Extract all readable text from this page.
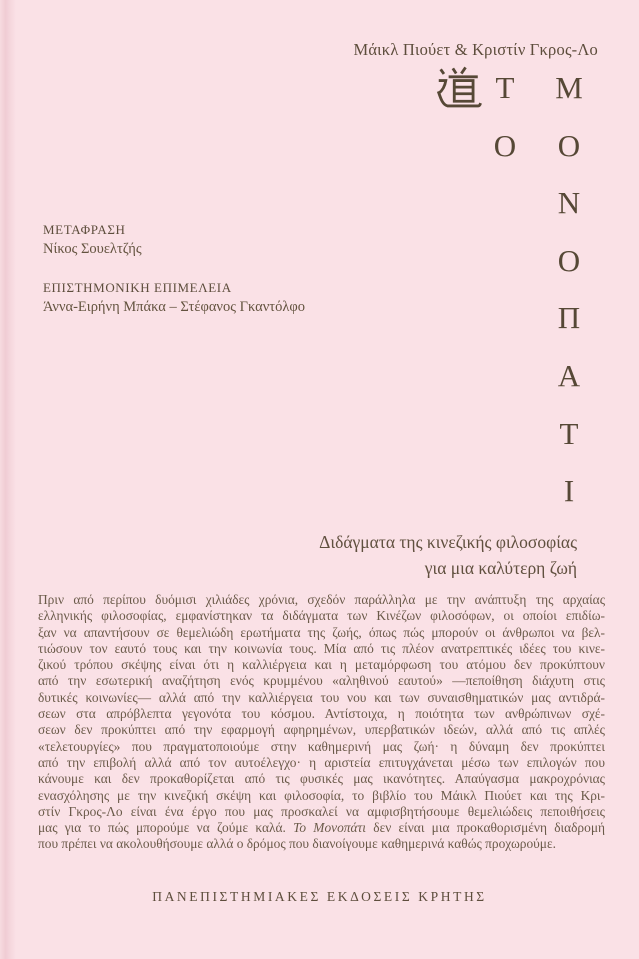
Μάικλ Πιούετ & Κριστίν Γκρος-Λο
Τ
Ο
Μ
Ο
Ν
Ο
Π
Α
Τ
Ι
ΜΕΤΑΦΡΑΣΗ
Νίκος Σουελτζής
ΕΠΙΣΤΗΜΟΝΙΚΗ ΕΠΙΜΕΛΕΙΑ
Άννα-Ειρήνη Μπάκα – Στέφανος Γκαντόλφο
Διδάγματα της κινεζικής φιλοσοφίας
για μια καλύτερη ζωή
Πριν από περίπου δυόμισι χιλιάδες χρόνια, σχεδόν παράλληλα με την ανάπτυξη της αρχαίας
ελληνικής φιλοσοφίας, εμφανίστηκαν τα διδάγματα των Κινέζων φιλοσόφων, οι οποίοι επιδίω-
ξαν να απαντήσουν σε θεμελιώδη ερωτήματα της ζωής, όπως πώς μπορούν οι άνθρωποι να βελ-
τιώσουν τον εαυτό τους και την κοινωνία τους. Μία από τις πλέον ανατρεπτικές ιδέες του κινε-
ζικού τρόπου σκέψης είναι ότι η καλλιέργεια και η μεταμόρφωση του ατόμου δεν προκύπτουν
από την εσωτερική αναζήτηση ενός κρυμμένου «αληθινού εαυτού» —πεποίθηση διάχυτη στις
δυτικές κοινωνίες— αλλά από την καλλιέργεια του νου και των συναισθηματικών μας αντιδρά-
σεων στα απρόβλεπτα γεγονότα του κόσμου. Αντίστοιχα, η ποιότητα των ανθρώπινων σχέ-
σεων δεν προκύπτει από την εφαρμογή αφηρημένων, υπερβατικών ιδεών, αλλά από τις απλές
«τελετουργίες» που πραγματοποιούμε στην καθημερινή μας ζωή· η δύναμη δεν προκύπτει
από την επιβολή αλλά από τον αυτοέλεγχο· η αριστεία επιτυγχάνεται μέσω των επιλογών που
κάνουμε και δεν προκαθορίζεται από τις φυσικές μας ικανότητες. Απαύγασμα μακροχρόνιας
ενασχόλησης με την κινεζική σκέψη και φιλοσοφία, το βιβλίο του Μάικλ Πιούετ και της Κρι-
στίν Γκρος-Λο είναι ένα έργο που μας προσκαλεί να αμφισβητήσουμε θεμελιώδεις πεποιθήσεις
μας για το πώς μπορούμε να ζούμε καλά. Το Μονοπάτι δεν είναι μια προκαθορισμένη διαδρομή
που πρέπει να ακολουθήσουμε αλλά ο δρόμος που διανοίγουμε καθημερινά καθώς προχωρούμε.
ΠΑΝΕΠΙΣΤΗΜΙΑΚΕΣ ΕΚΔΟΣΕΙΣ ΚΡΗΤΗΣ
